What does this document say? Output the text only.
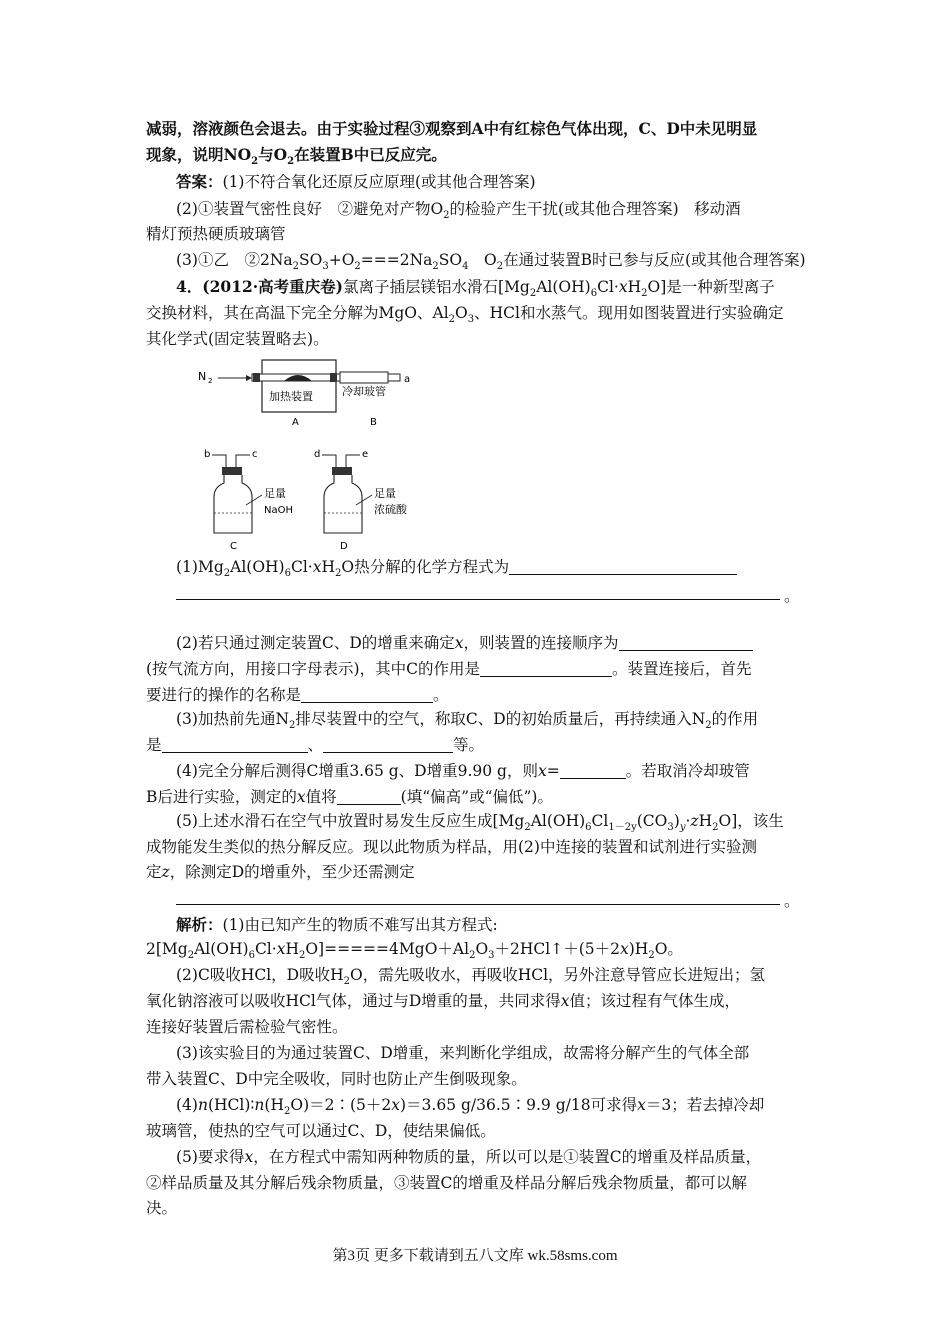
减弱，溶液颜色会退去。由于实验过程③观察到A中有红棕色气体出现，C、D中未见明显
现象，说明$NO_2$与$O_2$在装置B中已反应完。
答案：(1)不符合氧化还原反应原理(或其他合理答案)
(2)①装置气密性良好　②避免对产物$O_2$的检验产生干扰(或其他合理答案)　移动酒
精灯预热硬质玻璃管
(3)①乙　$②2Na_2SO_3+O_2===2Na_2SO_4$　$O_2$在通过装置B时已参与反应(或其他合理答案)
4．(2012·高考重庆卷)氯离子插层镁铝水滑石$[Mg_2Al(OH)_6Cl\cdot xH_2O]$是一种新型离子
交换材料，其在高温下完全分解为MgO、$Al_2O_3$、HCl和水蒸气。现用如图装置进行实验确定
其化学式(固定装置略去)。
N 2
加热装置
A
冷却玻管
B
a
b	c
足量
NaOH
C
d	e
足量
浓硫酸
D
$(1)Mg_2Al(OH)_6Cl\cdot xH_2O$热分解的化学方程式为
。
(2)若只通过测定装置C、D的增重来确定x，则装置的连接顺序为
(按气流方向，用接口字母表示)，其中C的作用是	。装置连接后，首先
要进行的操作的名称是	。
(3)加热前先通$N_2$排尽装置中的空气，称取C、D的初始质量后，再持续通入$N_2$的作用
是	、	等。
(4)完全分解后测得C增重3.65 g、D增重9.90 g，则x=	。若取消冷却玻管
B后进行实验，测定的x值将	(填“偏高”或“偏低”)。
(5)上述水滑石在空气中放置时易发生反应生成$[Mg_2Al(OH)_6Cl_{1-2y}(CO_3)_y\cdot zH_2O]$，该生
成物能发生类似的热分解反应。现以此物质为样品，用(2)中连接的装置和试剂进行实验测
定z，除测定D的增重外，至少还需测定
。
解析：(1)由已知产生的物质不难写出其方程式:
$2[Mg_2Al(OH)_6Cl\cdot xH_2O]=====4MgO+Al_2O_3+2HCl↑+(5+2x)H_2O$。
(2)C吸收HCl，D吸收$H_2O$，需先吸收水，再吸收HCl，另外注意导管应长进短出；氢
氧化钠溶液可以吸收HCl气体，通过与D增重的量，共同求得x值；该过程有气体生成，
连接好装置后需检验气密性。
(3)该实验目的为通过装置C、D增重，来判断化学组成，故需将分解产生的气体全部
带入装置C、D中完全吸收，同时也防止产生倒吸现象。
$(4)n(HCl)∶n(H_2O)=2∶(5+2x)=3.65$ g/36.5∶9.9 g/18可求得x＝3；若去掉冷却
玻璃管，使热的空气可以通过C、D，使结果偏低。
(5)要求得x，在方程式中需知两种物质的量，所以可以是①装置C的增重及样品质量，
②样品质量及其分解后残余物质量，③装置C的增重及样品分解后残余物质量，都可以解
决。
第3页 更多下载请到五八文库 wk.58sms.com
